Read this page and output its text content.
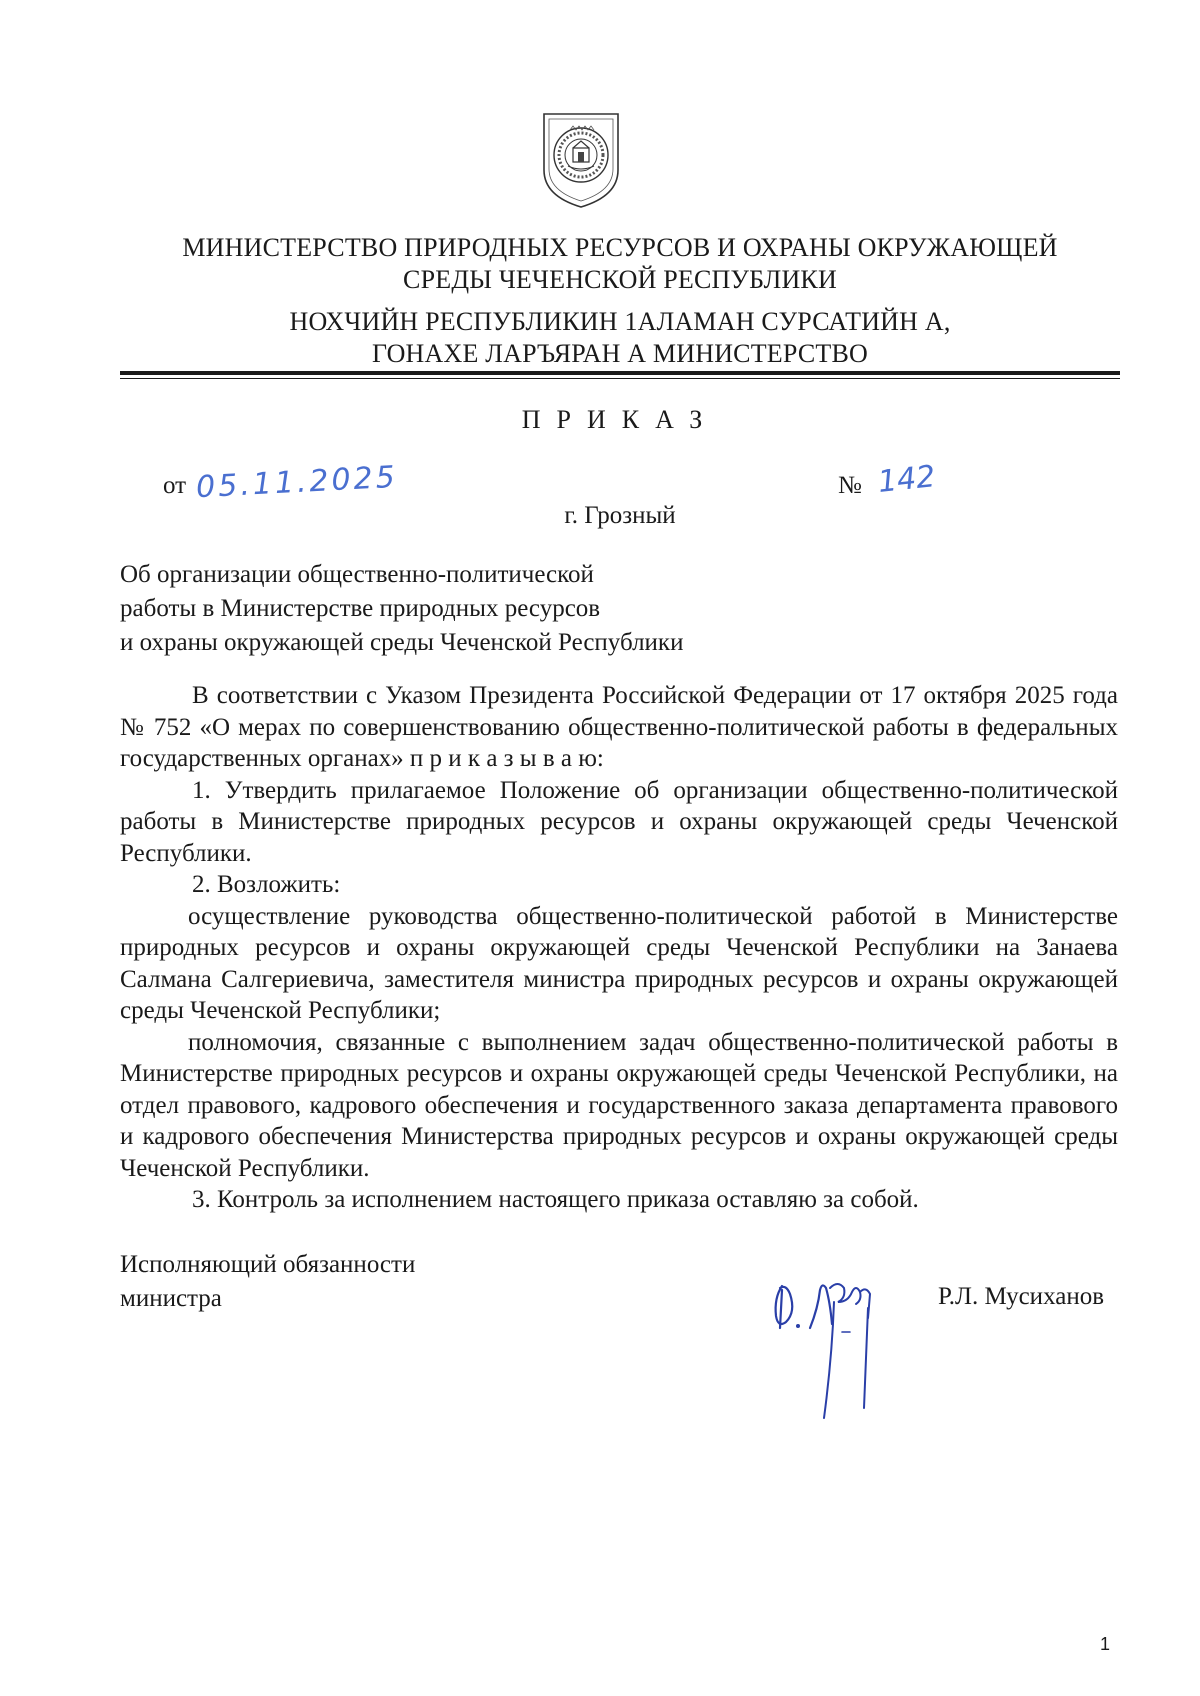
МИНИСТЕРСТВО ПРИРОДНЫХ РЕСУРСОВ И ОХРАНЫ ОКРУЖАЮЩЕЙ
СРЕДЫ ЧЕЧЕНСКОЙ РЕСПУБЛИКИ
НОХЧИЙН РЕСПУБЛИКИН 1АЛАМАН СУРСАТИЙН А,
ГОНАХЕ ЛАРЪЯРАН А МИНИСТЕРСТВО
ПРИКАЗ
от 05.11.2025	№ 142
г. Грозный
Об организации общественно-политической
работы в Министерстве природных ресурсов
и охраны окружающей среды Чеченской Республики

В соответствии с Указом Президента Российской Федерации от 17 октября 2025 года № 752 «О мерах по совершенствованию общественно-политической работы в федеральных государственных органах» п р и к а з ы в а ю:

1. Утвердить прилагаемое Положение об организации общественно-политической работы в Министерстве природных ресурсов и охраны окружающей среды Чеченской Республики.

2. Возложить:

осуществление руководства общественно-политической работой в Министерстве природных ресурсов и охраны окружающей среды Чеченской Республики на Занаева Салмана Салгериевича, заместителя министра природных ресурсов и охраны окружающей среды Чеченской Республики;

полномочия, связанные с выполнением задач общественно-политической работы в Министерстве природных ресурсов и охраны окружающей среды Чеченской Республики, на отдел правового, кадрового обеспечения и государственного заказа департамента правового и кадрового обеспечения Министерства природных ресурсов и охраны окружающей среды Чеченской Республики.

3. Контроль за исполнением настоящего приказа оставляю за собой.

Исполняющий обязанности
министра	Р.Л. Мусиханов
1
